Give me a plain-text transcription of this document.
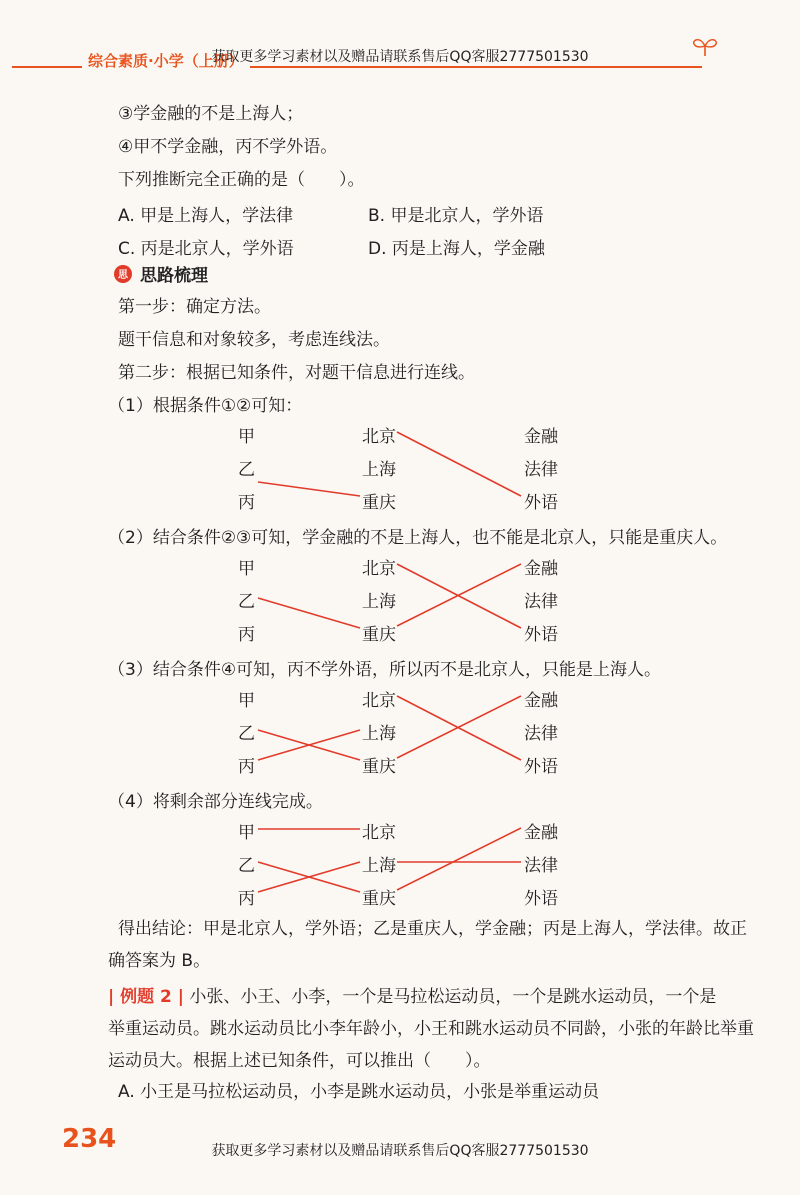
综合素质·小学（上册）
获取更多学习素材以及赠品请联系售后QQ客服2777501530
③学金融的不是上海人；
④甲不学金融，丙不学外语。
下列推断完全正确的是（　　）。
A. 甲是上海人，学法律	B. 甲是北京人，学外语
C. 丙是北京人，学外语	D. 丙是上海人，学金融
思 思路梳理
第一步：确定方法。
题干信息和对象较多，考虑连线法。
第二步：根据已知条件，对题干信息进行连线。
（1）根据条件①②可知：
甲
乙
丙
北京
上海
重庆
金融
法律
外语
（2）结合条件②③可知，学金融的不是上海人，也不能是北京人，只能是重庆人。
甲
乙
丙
北京
上海
重庆
金融
法律
外语
（3）结合条件④可知，丙不学外语，所以丙不是北京人，只能是上海人。
甲
乙
丙
北京
上海
重庆
金融
法律
外语
（4）将剩余部分连线完成。
甲
乙
丙
北京
上海
重庆
金融
法律
外语
得出结论：甲是北京人，学外语；乙是重庆人，学金融；丙是上海人，学法律。故正
确答案为 B。
| 例题 2 | 小张、小王、小李，一个是马拉松运动员，一个是跳水运动员，一个是
举重运动员。跳水运动员比小李年龄小，小王和跳水运动员不同龄，小张的年龄比举重
运动员大。根据上述已知条件，可以推出（　　）。
A. 小王是马拉松运动员，小李是跳水运动员，小张是举重运动员
234	获取更多学习素材以及赠品请联系售后QQ客服2777501530
